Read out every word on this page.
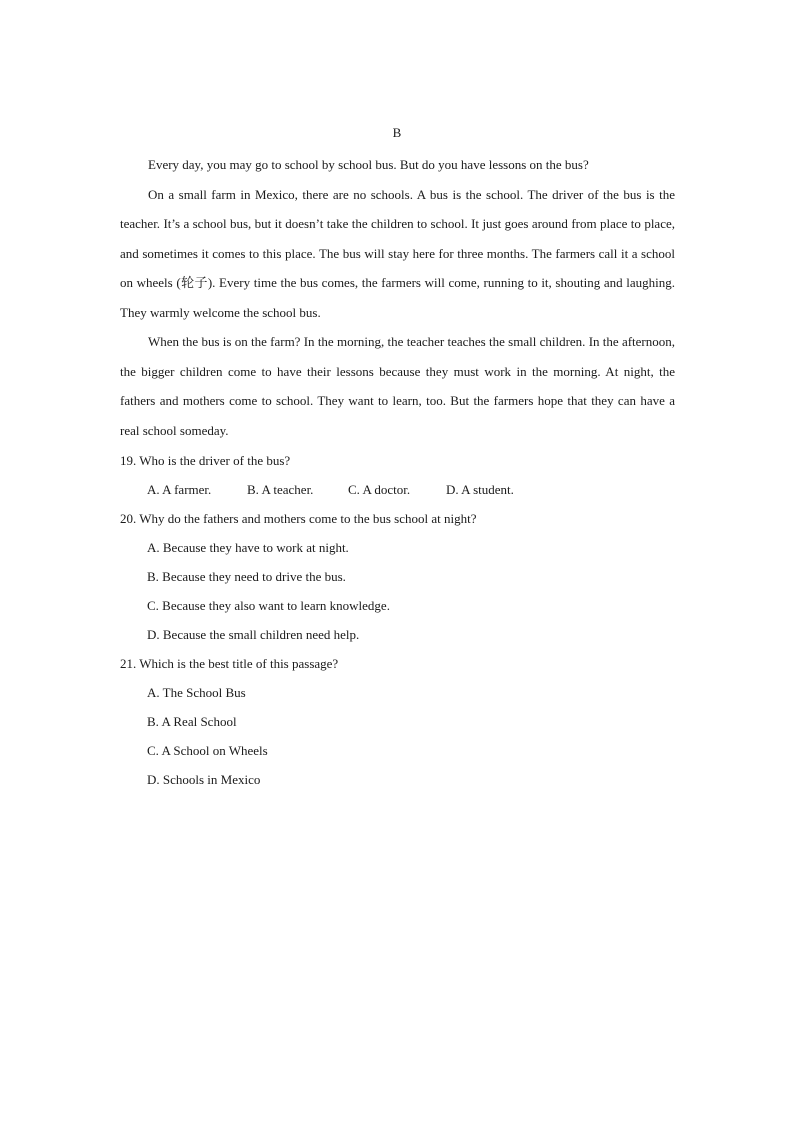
B

Every day, you may go to school by school bus. But do you have lessons on the bus?

On a small farm in Mexico, there are no schools. A bus is the school. The driver of the bus is the teacher. It’s a school bus, but it doesn’t take the children to school. It just goes around from place to place, and sometimes it comes to this place. The bus will stay here for three months. The farmers call it a school on wheels (轮子). Every time the bus comes, the farmers will come, running to it, shouting and laughing. They warmly welcome the school bus.

When the bus is on the farm? In the morning, the teacher teaches the small children. In the afternoon, the bigger children come to have their lessons because they must work in the morning. At night, the fathers and mothers come to school. They want to learn, too. But the farmers hope that they can have a real school someday.

19. Who is the driver of the bus?

A. A farmer.	B. A teacher.	C. A doctor.	D. A student.

20. Why do the fathers and mothers come to the bus school at night?

A. Because they have to work at night.

B. Because they need to drive the bus.

C. Because they also want to learn knowledge.

D. Because the small children need help.

21. Which is the best title of this passage?

A. The School Bus

B. A Real School

C. A School on Wheels

D. Schools in Mexico
